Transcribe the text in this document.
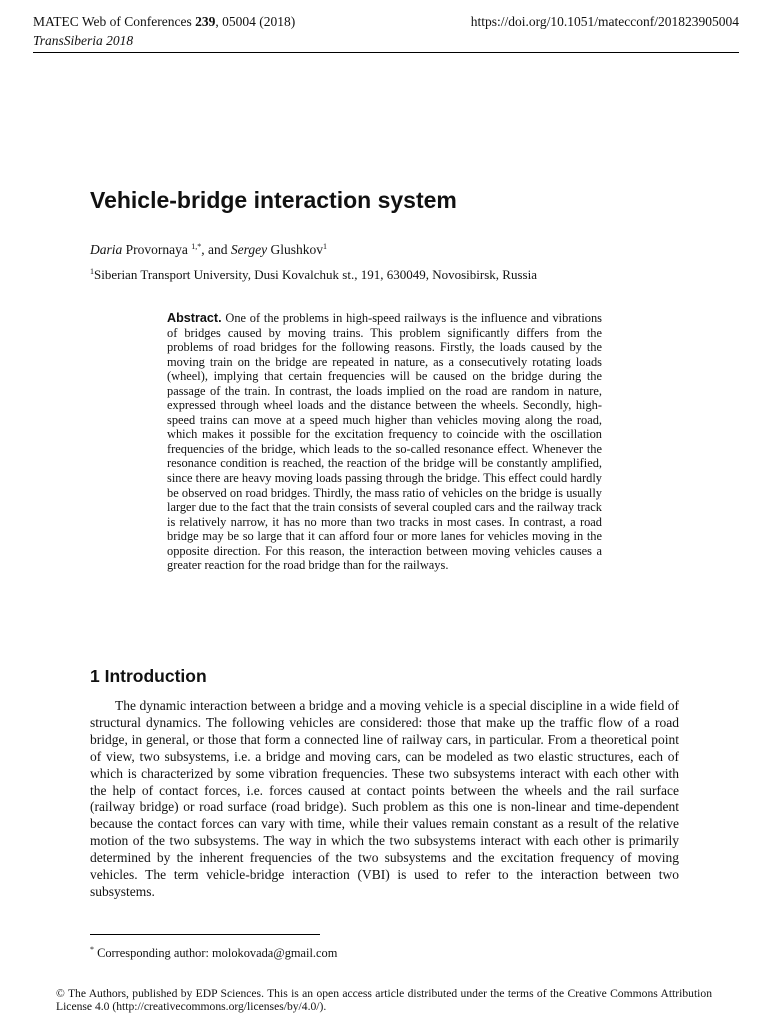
MATEC Web of Conferences 239, 05004 (2018)	https://doi.org/10.1051/matecconf/201823905004
TransSiberia 2018
Vehicle-bridge interaction system
Daria Provornaya $^{1,*}$, and Sergey Glushkov$^1$
$^1$Siberian Transport University, Dusi Kovalchuk st., 191, 630049, Novosibirsk, Russia

Abstract. One of the problems in high-speed railways is the influence and vibrations of bridges caused by moving trains. This problem significantly differs from the problems of road bridges for the following reasons. Firstly, the loads caused by the moving train on the bridge are repeated in nature, as a consecutively rotating loads (wheel), implying that certain frequencies will be caused on the bridge during the passage of the train. In contrast, the loads implied on the road are random in nature, expressed through wheel loads and the distance between the wheels. Secondly, high-speed trains can move at a speed much higher than vehicles moving along the road, which makes it possible for the excitation frequency to coincide with the oscillation frequencies of the bridge, which leads to the so-called resonance effect. Whenever the resonance condition is reached, the reaction of the bridge will be constantly amplified, since there are heavy moving loads passing through the bridge. This effect could hardly be observed on road bridges. Thirdly, the mass ratio of vehicles on the bridge is usually larger due to the fact that the train consists of several coupled cars and the railway track is relatively narrow, it has no more than two tracks in most cases. In contrast, a road bridge may be so large that it can afford four or more lanes for vehicles moving in the opposite direction. For this reason, the interaction between moving vehicles causes a greater reaction for the road bridge than for the railways.

1 Introduction

The dynamic interaction between a bridge and a moving vehicle is a special discipline in a wide field of structural dynamics. The following vehicles are considered: those that make up the traffic flow of a road bridge, in general, or those that form a connected line of railway cars, in particular. From a theoretical point of view, two subsystems, i.e. a bridge and moving cars, can be modeled as two elastic structures, each of which is characterized by some vibration frequencies. These two subsystems interact with each other with the help of contact forces, i.e. forces caused at contact points between the wheels and the rail surface (railway bridge) or road surface (road bridge). Such problem as this one is non-linear and time-dependent because the contact forces can vary with time, while their values remain constant as a result of the relative motion of the two subsystems. The way in which the two subsystems interact with each other is primarily determined by the inherent frequencies of the two subsystems and the excitation frequency of moving vehicles. The term vehicle-bridge interaction (VBI) is used to refer to the interaction between two subsystems.

* Corresponding author: molokovada@gmail.com

© The Authors, published by EDP Sciences. This is an open access article distributed under the terms of the Creative Commons Attribution License 4.0 (http://creativecommons.org/licenses/by/4.0/).
